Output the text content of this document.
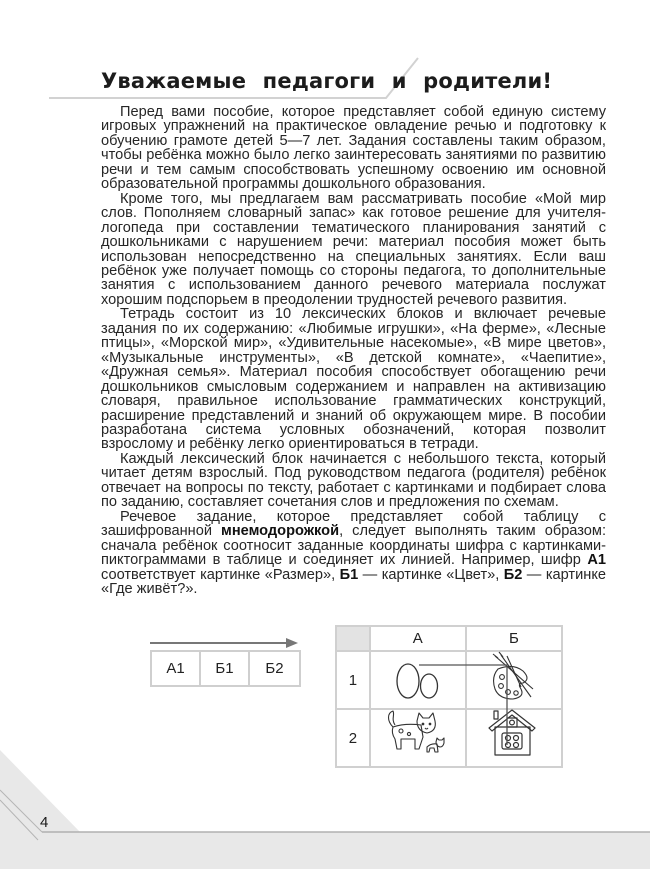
Уважаемые педагоги и родители!

Перед вами пособие, которое представляет собой единую систему игровых упражнений на практическое овладение речью и подготовку к обучению грамоте детей 5—7 лет. Задания составлены таким образом, чтобы ребёнка можно было легко заинтересовать занятиями по развитию речи и тем самым способствовать успешному освоению им основной образовательной программы дошкольного образования.

Кроме того, мы предлагаем вам рассматривать пособие «Мой мир слов. Пополняем словарный запас» как готовое решение для учителя-логопеда при составлении тематического планирования занятий с дошкольниками с нарушением речи: материал пособия может быть использован непосредственно на специальных занятиях. Если ваш ребёнок уже получает помощь со стороны педагога, то дополнительные занятия с использованием данного речевого материала послужат хорошим подспорьем в преодолении трудностей речевого развития.

Тетрадь состоит из 10 лексических блоков и включает речевые задания по их содержанию: «Любимые игрушки», «На ферме», «Лесные птицы», «Морской мир», «Удивительные насекомые», «В мире цветов», «Музыкальные инструменты», «В детской комнате», «Чаепитие», «Дружная семья». Материал пособия способствует обогащению речи дошкольников смысловым содержанием и направлен на активизацию словаря, правильное использование грамматических конструкций, расширение представлений и знаний об окружающем мире. В пособии разработана система условных обозначений, которая позволит взрослому и ребёнку легко ориентироваться в тетради.

Каждый лексический блок начинается с небольшого текста, который читает детям взрослый. Под руководством педагога (родителя) ребёнок отвечает на вопросы по тексту, работает с картинками и подбирает слова по заданию, составляет сочетания слов и предложения по схемам.

Речевое задание, которое представляет собой таблицу с зашифрованной мнемодорожкой, следует выполнять таким образом: сначала ребёнок соотносит заданные координаты шифра с картинками-пиктограммами в таблице и соединяет их линией. Например, шифр А1 соответствует картинке «Размер», Б1 — картинке «Цвет», Б2 — картинке «Где живёт?».

А1	Б1	Б2
	А	Б
1		
2		
4
